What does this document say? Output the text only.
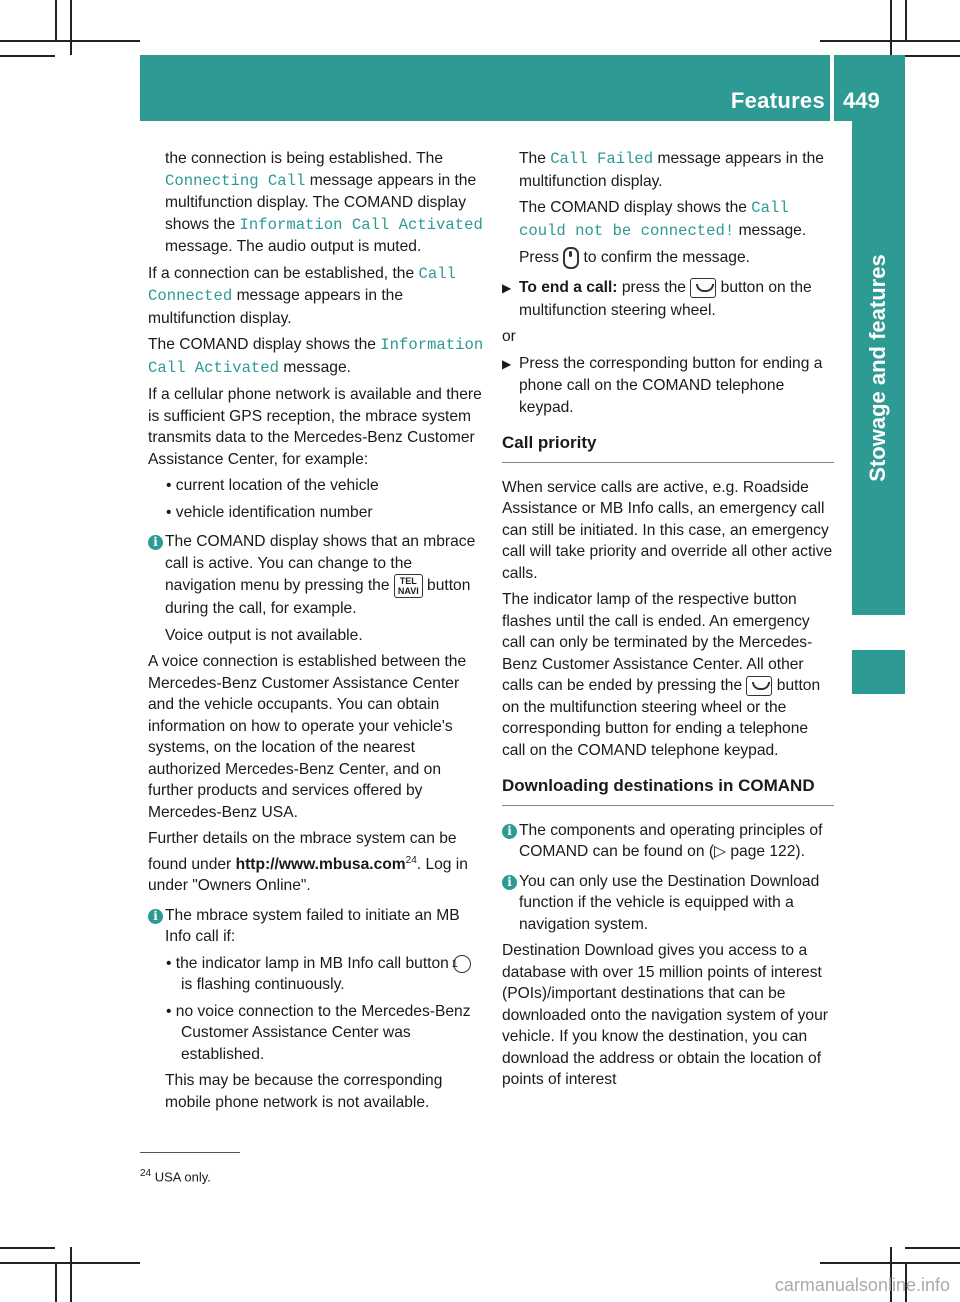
Features 449
Stowage and features

the connection is being established. The Connecting Call message appears in the multifunction display. The COMAND display shows the Information Call Activated message. The audio output is muted.

If a connection can be established, the Call Connected message appears in the multifunction display.

The COMAND display shows the Information Call Activated message.

If a cellular phone network is available and there is sufficient GPS reception, the mbrace system transmits data to the Mercedes-Benz Customer Assistance Center, for example:

• current location of the vehicle

• vehicle identification number

i The COMAND display shows that an mbrace call is active. You can change to the navigation menu by pressing the TEL
NAVI button during the call, for example.

Voice output is not available.

A voice connection is established between the Mercedes-Benz Customer Assistance Center and the vehicle occupants. You can obtain information on how to operate your vehicle's systems, on the location of the nearest authorized Mercedes-Benz Center, and on further products and services offered by Mercedes-Benz USA.

Further details on the mbrace system can be found under http://www.mbusa.com$^{24}$. Log in under "Owners Online".

i The mbrace system failed to initiate an MB Info call if:

• the indicator lamp in MB Info call button 1 is flashing continuously.

• no voice connection to the Mercedes-Benz Customer Assistance Center was established.

This may be because the corresponding mobile phone network is not available.

The Call Failed message appears in the multifunction display.

The COMAND display shows the Call could not be connected! message.

Press  to confirm the message.

▶ To end a call: press the  button on the multifunction steering wheel.

or

▶ Press the corresponding button for ending a phone call on the COMAND telephone keypad.

Call priority

When service calls are active, e.g. Roadside Assistance or MB Info calls, an emergency call can still be initiated. In this case, an emergency call will take priority and override all other active calls.

The indicator lamp of the respective button flashes until the call is ended. An emergency call can only be terminated by the Mercedes-Benz Customer Assistance Center. All other calls can be ended by pressing the  button on the multifunction steering wheel or the corresponding button for ending a telephone call on the COMAND telephone keypad.

Downloading destinations in COMAND

i The components and operating principles of COMAND can be found on (▷ page 122).

i You can only use the Destination Download function if the vehicle is equipped with a navigation system.

Destination Download gives you access to a database with over 15 million points of interest (POIs)/important destinations that can be downloaded onto the navigation system of your vehicle. If you know the destination, you can download the address or obtain the location of points of interest

$^{24}$ USA only.
carmanualsonline.info
